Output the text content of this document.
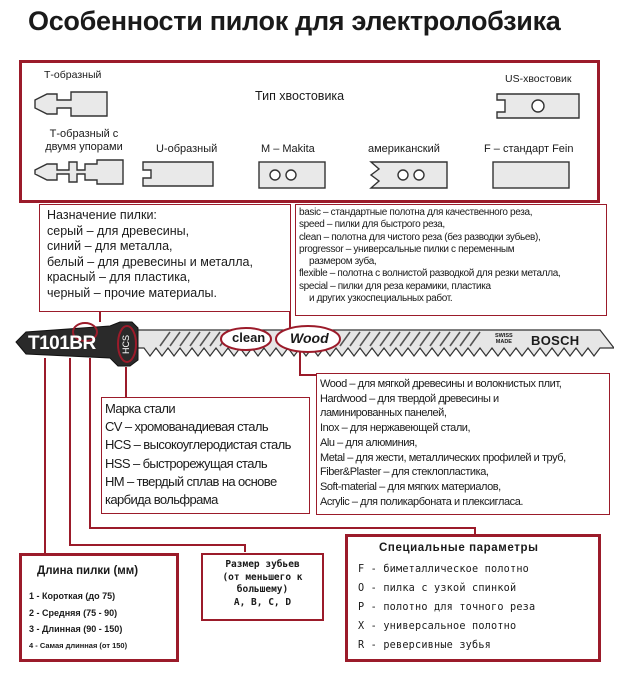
Особенности пилок для электролобзика
Т-образный
Тип хвостовика
US-хвостовик
Т-образный с
двумя упорами	U-образный	M – Makita	американский	F – стандарт Fein
Назначение пилки:
серый – для древесины,
синий – для металла,
белый – для древесины и металла,
красный – для пластика,
черный – прочие материалы.
basic – стандартные полотна для качественного реза,
speed – пилки для быстрого реза,
clean – полотна для чистого реза (без разводки зубьев),
progressor – универсальные пилки с переменным
размером зуба,
flexible – полотна с волнистой разводкой для резки металла,
special – пилки для реза керамики, пластика
и других узкоспециальных работ.
T101BR	HCS	clean Wood	SWISS
MADE BOSCH
Wood – для мягкой древесины и волокнистых плит,
Hardwood – для твердой древесины и
ламинированных панелей,
Inox – для нержавеющей стали,
Alu – для алюминия,
Metal – для жести, металлических профилей и труб,
Fiber&Plaster – для стеклопластика,
Soft-material – для мягких материалов,
Acrylic – для поликарбоната и плексигласа.
Марка стали
CV – хромованадиевая сталь
HCS – высокоуглеродистая сталь
HSS – быстрорежущая сталь
HM – твердый сплав на основе
карбида вольфрама
Длина пилки (мм)
1 - Короткая (до 75)
2 - Средняя (75 - 90)
3 - Длинная (90 - 150)
4 - Самая длинная (от 150)
Размер зубьев
(от меньшего к
большему)
A, B, C, D
Специальные параметры
F - биметаллическое полотно
O - пилка с узкой спинкой
P - полотно для точного реза
X - универсальное полотно
R - реверсивные зубья
